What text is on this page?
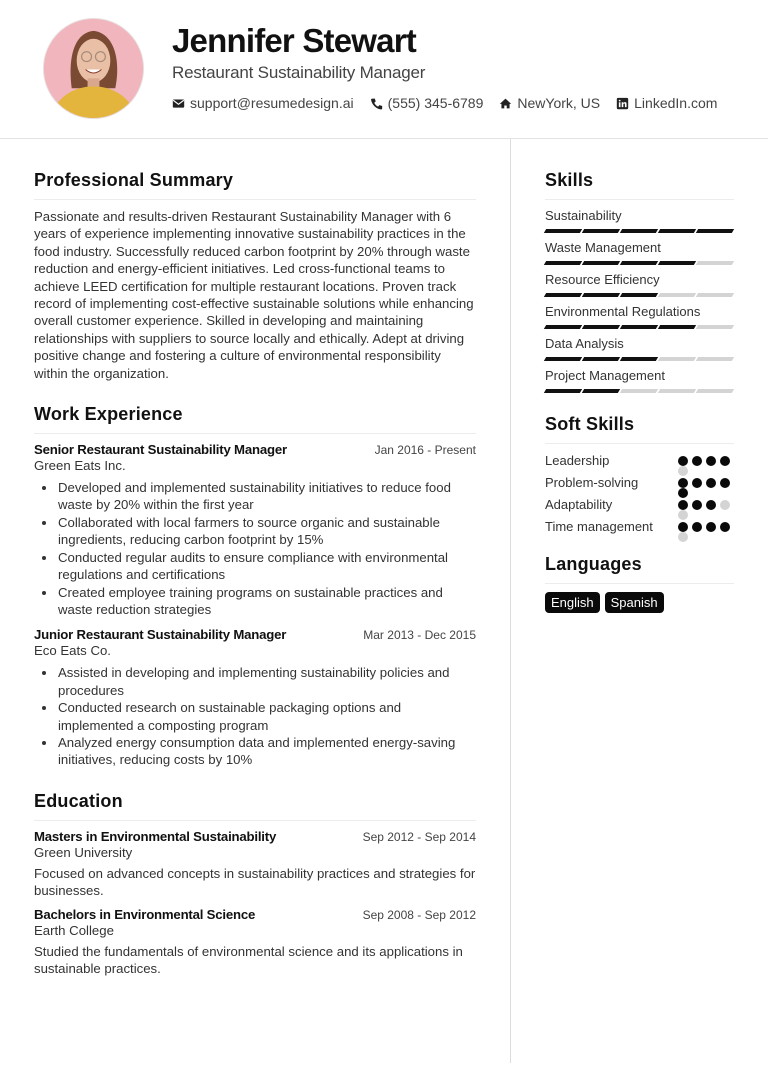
Jennifer Stewart
Restaurant Sustainability Manager
support@resumedesign.ai (555) 345-6789 NewYork, US LinkedIn.com
Professional Summary

Passionate and results-driven Restaurant Sustainability Manager with 6 years of experience implementing innovative sustainability practices in the food industry. Successfully reduced carbon footprint by 20% through waste reduction and energy-efficient initiatives. Led cross-functional teams to achieve LEED certification for multiple restaurant locations. Proven track record of implementing cost-effective sustainable solutions while enhancing overall customer experience. Skilled in developing and maintaining relationships with suppliers to source locally and ethically. Adept at driving positive change and fostering a culture of environmental responsibility within the organization.

Work Experience
Senior Restaurant Sustainability Manager	Jan 2016 - Present
Green Eats Inc.
Developed and implemented sustainability initiatives to reduce food waste by 20% within the first year
Collaborated with local farmers to source organic and sustainable ingredients, reducing carbon footprint by 15%
Conducted regular audits to ensure compliance with environmental regulations and certifications
Created employee training programs on sustainable practices and waste reduction strategies
Junior Restaurant Sustainability Manager	Mar 2013 - Dec 2015
Eco Eats Co.
Assisted in developing and implementing sustainability policies and procedures
Conducted research on sustainable packaging options and implemented a composting program
Analyzed energy consumption data and implemented energy-saving initiatives, reducing costs by 10%
Education
Masters in Environmental Sustainability	Sep 2012 - Sep 2014
Green University

Focused on advanced concepts in sustainability practices and strategies for businesses.

Bachelors in Environmental Science	Sep 2008 - Sep 2012
Earth College

Studied the fundamentals of environmental science and its applications in sustainable practices.

Skills
Sustainability
Waste Management
Resource Efficiency
Environmental Regulations
Data Analysis
Project Management
Soft Skills
Leadership
Problem-solving
Adaptability
Time management
Languages
English	Spanish
